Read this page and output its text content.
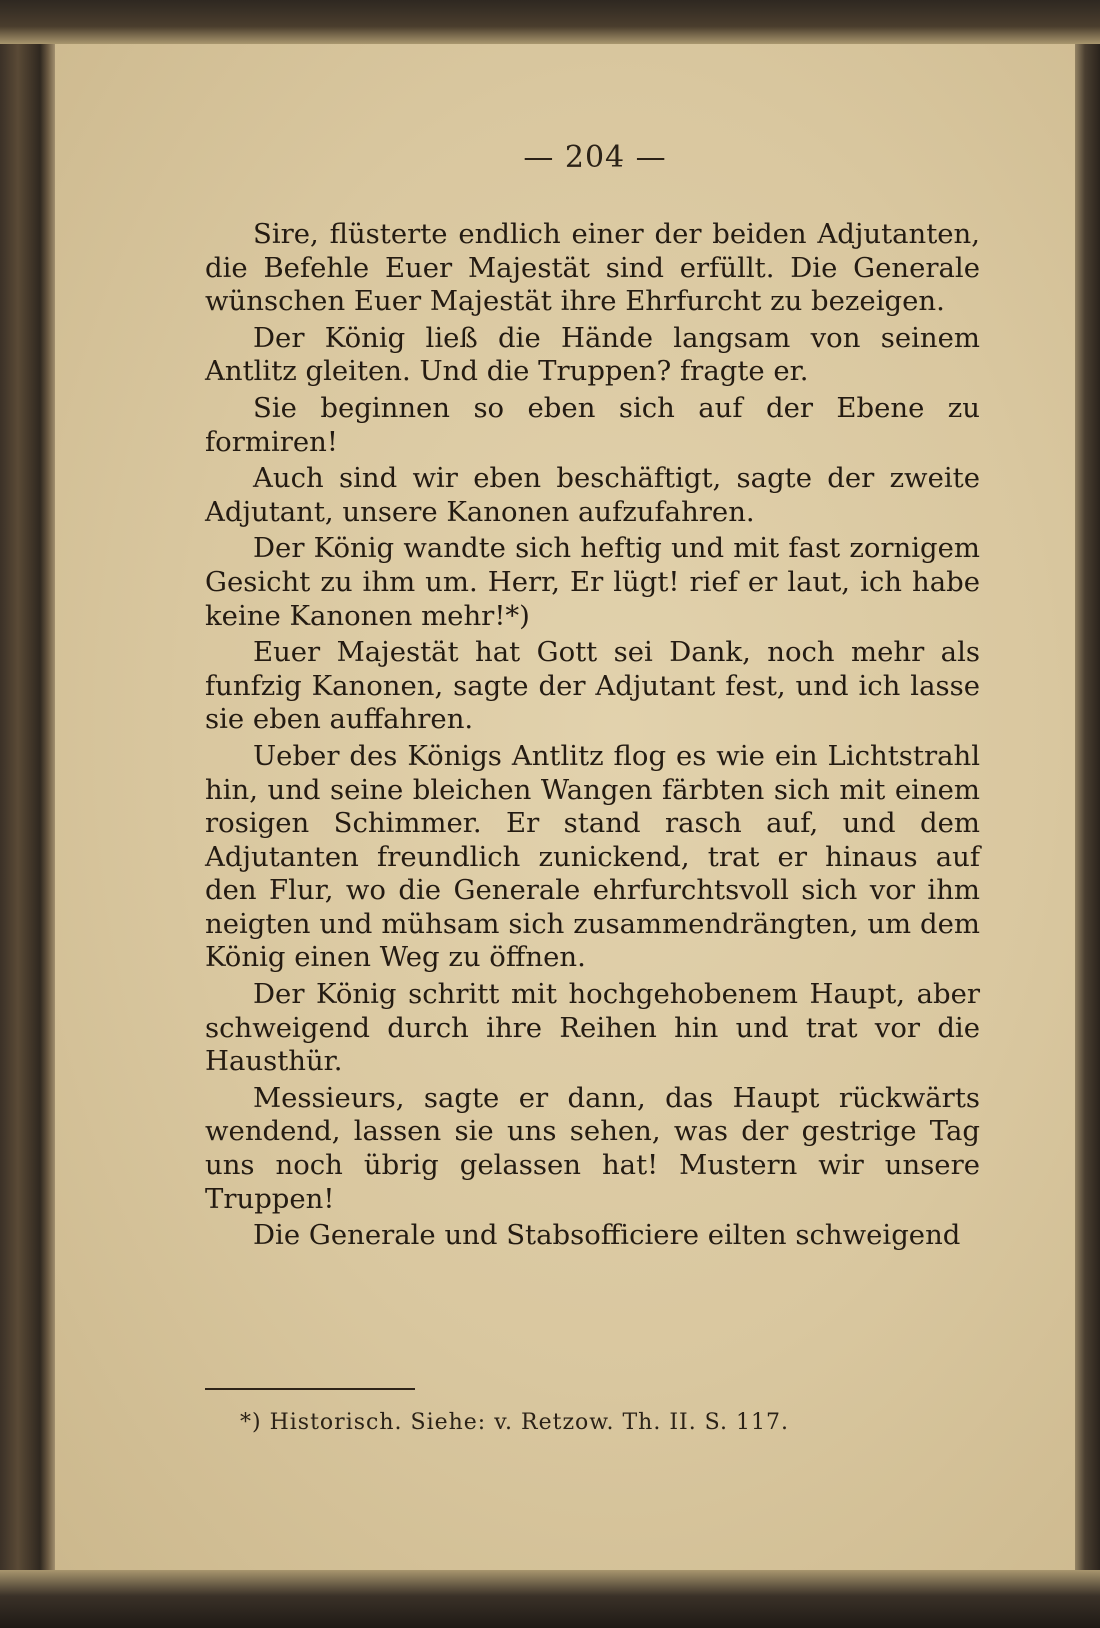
— 204 —

Sire, flüsterte endlich einer der beiden Adjutanten, die Befehle Euer Majestät sind erfüllt. Die Generale wünschen Euer Majestät ihre Ehrfurcht zu bezeigen.

Der König ließ die Hände langsam von seinem Antlitz gleiten. Und die Truppen? fragte er.

Sie beginnen so eben sich auf der Ebene zu formiren!

Auch sind wir eben beschäftigt, sagte der zweite Adjutant, unsere Kanonen aufzufahren.

Der König wandte sich heftig und mit fast zornigem Gesicht zu ihm um. Herr, Er lügt! rief er laut, ich habe keine Kanonen mehr!*)

Euer Majestät hat Gott sei Dank, noch mehr als funfzig Kanonen, sagte der Adjutant fest, und ich lasse sie eben auffahren.

Ueber des Königs Antlitz flog es wie ein Lichtstrahl hin, und seine bleichen Wangen färbten sich mit einem rosigen Schimmer. Er stand rasch auf, und dem Adjutanten freundlich zunickend, trat er hinaus auf den Flur, wo die Generale ehrfurchtsvoll sich vor ihm neigten und mühsam sich zusammendrängten, um dem König einen Weg zu öffnen.

Der König schritt mit hochgehobenem Haupt, aber schweigend durch ihre Reihen hin und trat vor die Hausthür.

Messieurs, sagte er dann, das Haupt rückwärts wendend, lassen sie uns sehen, was der gestrige Tag uns noch übrig gelassen hat! Mustern wir unsere Truppen!

Die Generale und Stabsofficiere eilten schweigend

*) Historisch. Siehe: v. Retzow. Th. II. S. 117.
